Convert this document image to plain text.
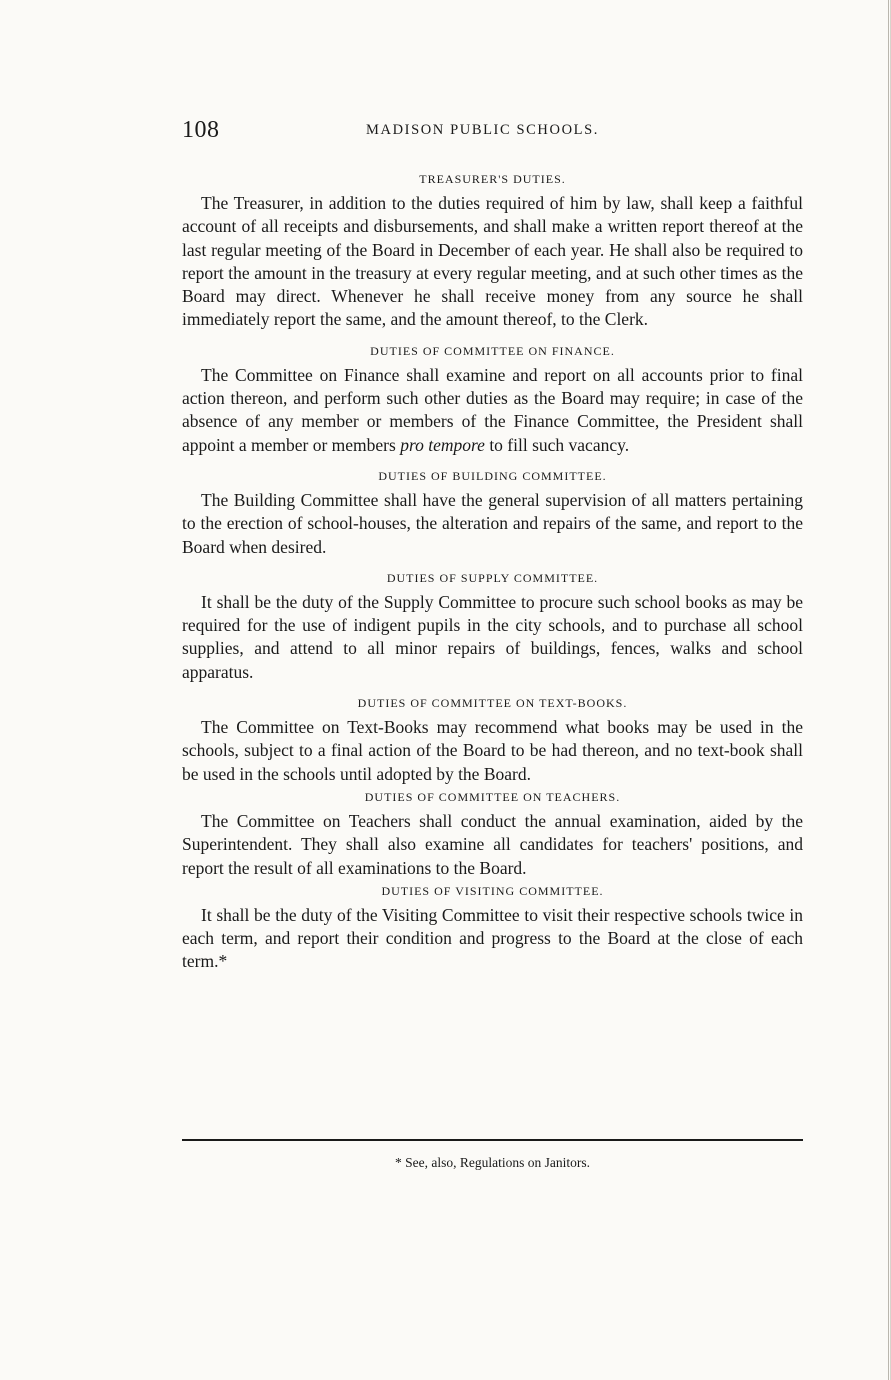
108	MADISON PUBLIC SCHOOLS.

TREASURER'S DUTIES.

The Treasurer, in addition to the duties required of him by law, shall keep a faithful account of all receipts and disbursements, and shall make a written report thereof at the last regular meeting of the Board in December of each year. He shall also be required to report the amount in the treasury at every regular meeting, and at such other times as the Board may direct. Whenever he shall receive money from any source he shall immediately report the same, and the amount thereof, to the Clerk.

DUTIES OF COMMITTEE ON FINANCE.

The Committee on Finance shall examine and report on all accounts prior to final action thereon, and perform such other duties as the Board may require; in case of the absence of any member or members of the Finance Committee, the President shall appoint a member or members pro tempore to fill such vacancy.

DUTIES OF BUILDING COMMITTEE.

The Building Committee shall have the general supervision of all matters pertaining to the erection of school-houses, the alteration and repairs of the same, and report to the Board when desired.

DUTIES OF SUPPLY COMMITTEE.

It shall be the duty of the Supply Committee to procure such school books as may be required for the use of indigent pupils in the city schools, and to purchase all school supplies, and attend to all minor repairs of buildings, fences, walks and school apparatus.

DUTIES OF COMMITTEE ON TEXT-BOOKS.

The Committee on Text-Books may recommend what books may be used in the schools, subject to a final action of the Board to be had thereon, and no text-book shall be used in the schools until adopted by the Board.

DUTIES OF COMMITTEE ON TEACHERS.

The Committee on Teachers shall conduct the annual examination, aided by the Superintendent. They shall also examine all candidates for teachers' positions, and report the result of all examinations to the Board.

DUTIES OF VISITING COMMITTEE.

It shall be the duty of the Visiting Committee to visit their respective schools twice in each term, and report their condition and progress to the Board at the close of each term.*

* See, also, Regulations on Janitors.
